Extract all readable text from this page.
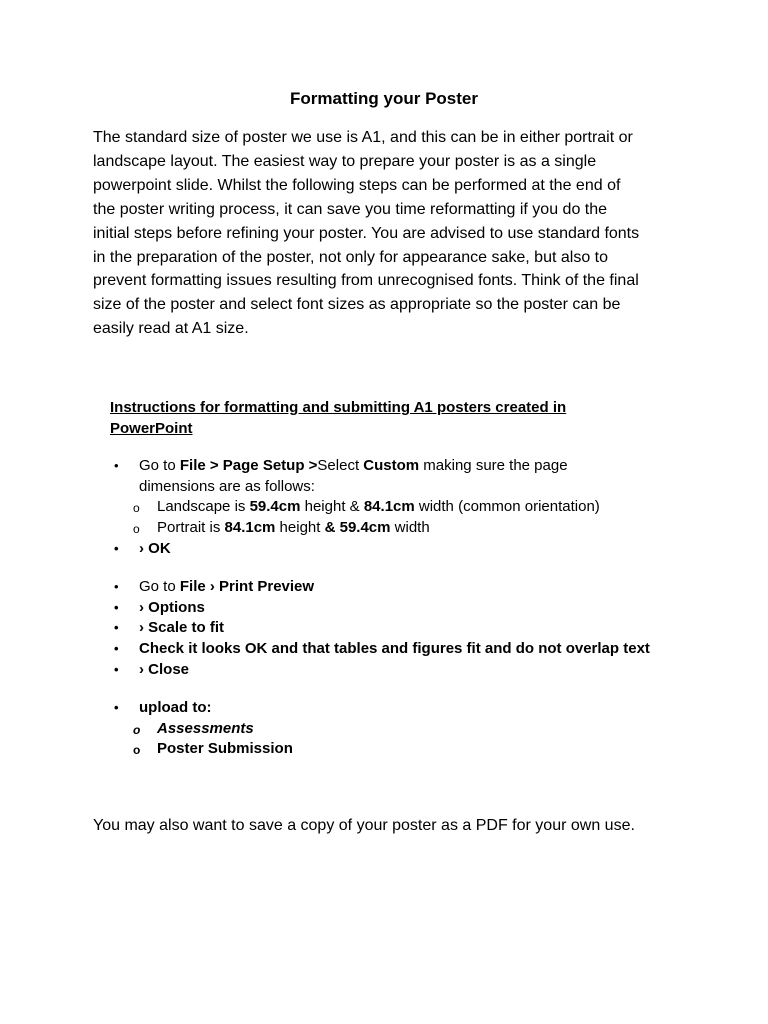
Formatting your Poster

The standard size of poster we use is A1, and this can be in either portrait or
landscape layout. The easiest way to prepare your poster is as a single
powerpoint slide. Whilst the following steps can be performed at the end of
the poster writing process, it can save you time reformatting if you do the
initial steps before refining your poster. You are advised to use standard fonts
in the preparation of the poster, not only for appearance sake, but also to
prevent formatting issues resulting from unrecognised fonts. Think of the final
size of the poster and select font sizes as appropriate so the poster can be
easily read at A1 size.

Instructions for formatting and submitting A1 posters created in
PowerPoint
• Go to File > Page Setup >Select Custom making sure the page
dimensions are as follows:
o Landscape is 59.4cm height & 84.1cm width (common orientation)
o Portrait is 84.1cm height & 59.4cm width
• › OK
• Go to File › Print Preview
• › Options
• › Scale to fit
• Check it looks OK and that tables and figures fit and do not overlap text
• › Close
• upload to:
o Assessments
o Poster Submission

You may also want to save a copy of your poster as a PDF for your own use.
